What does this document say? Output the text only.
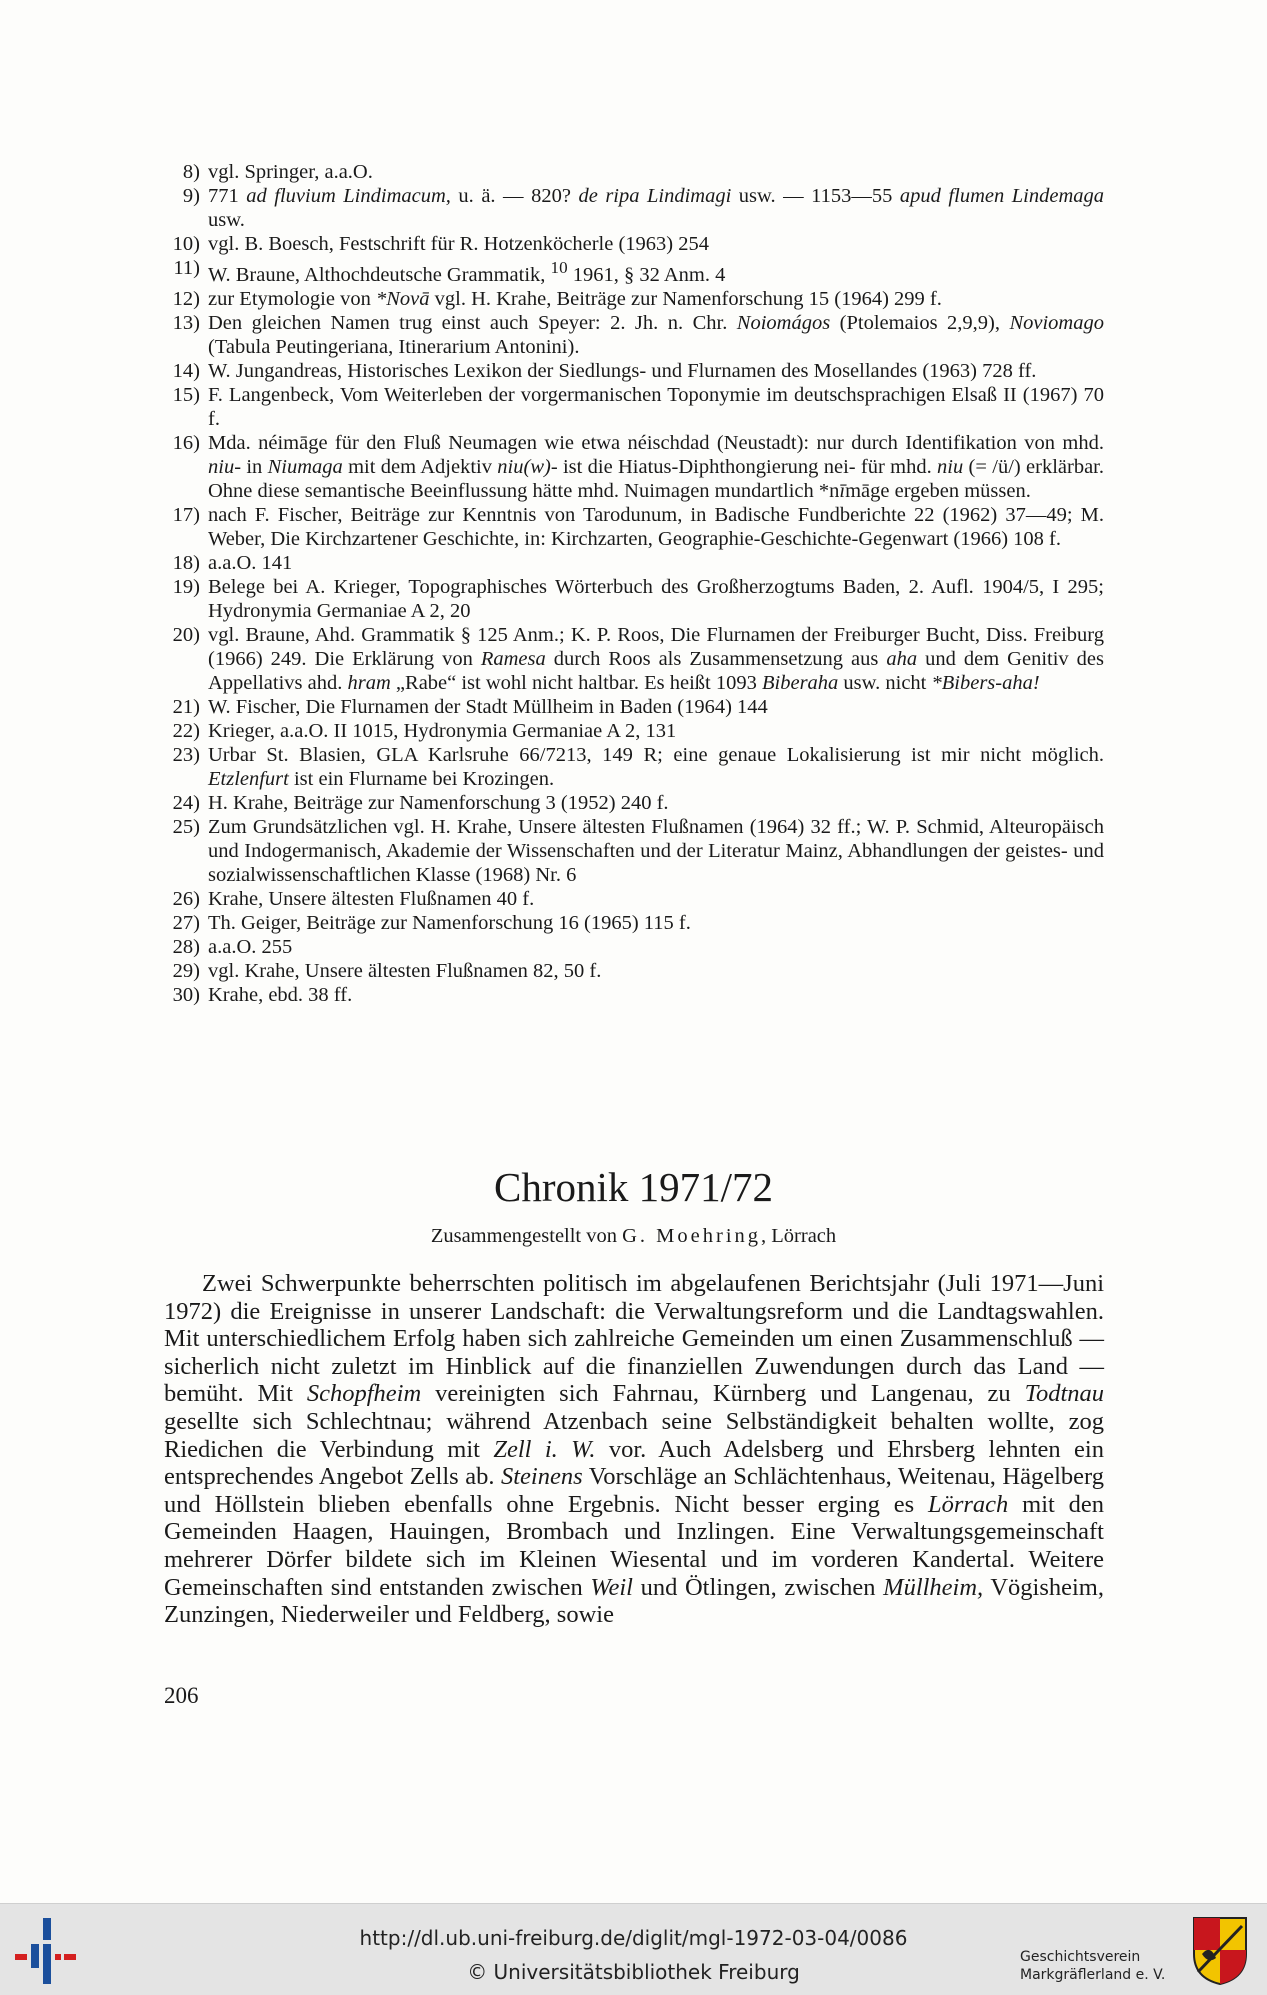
8) vgl. Springer, a.a.O.
9) 771 ad fluvium Lindimacum, u. ä. — 820? de ripa Lindimagi usw. — 1153—55 apud flumen Lindemaga usw.
10) vgl. B. Boesch, Festschrift für R. Hotzenköcherle (1963) 254
11) W. Braune, Althochdeutsche Grammatik, $^{10}$ 1961, § 32 Anm. 4
12) zur Etymologie von *Novā vgl. H. Krahe, Beiträge zur Namenforschung 15 (1964) 299 f.
13) Den gleichen Namen trug einst auch Speyer: 2. Jh. n. Chr. Noiomágos (Ptolemaios 2,9,9), Noviomago (Tabula Peutingeriana, Itinerarium Antonini).
14) W. Jungandreas, Historisches Lexikon der Siedlungs- und Flurnamen des Mosellandes (1963) 728 ff.
15) F. Langenbeck, Vom Weiterleben der vorgermanischen Toponymie im deutschsprachigen Elsaß II (1967) 70 f.
16) Mda. néimāge für den Fluß Neumagen wie etwa néischdad (Neustadt): nur durch Identifikation von mhd. niu- in Niumaga mit dem Adjektiv niu(w)- ist die Hiatus-Diphthongierung nei- für mhd. niu (= /ü/) erklärbar. Ohne diese semantische Beeinflussung hätte mhd. Nuimagen mundartlich *nīmāge ergeben müssen.
17) nach F. Fischer, Beiträge zur Kenntnis von Tarodunum, in Badische Fundberichte 22 (1962) 37—49; M. Weber, Die Kirchzartener Geschichte, in: Kirchzarten, Geographie-Geschichte-Gegenwart (1966) 108 f.
18) a.a.O. 141
19) Belege bei A. Krieger, Topographisches Wörterbuch des Großherzogtums Baden, 2. Aufl. 1904/5, I 295; Hydronymia Germaniae A 2, 20
20) vgl. Braune, Ahd. Grammatik § 125 Anm.; K. P. Roos, Die Flurnamen der Freiburger Bucht, Diss. Freiburg (1966) 249. Die Erklärung von Ramesa durch Roos als Zusammensetzung aus aha und dem Genitiv des Appellativs ahd. hram „Rabe“ ist wohl nicht haltbar. Es heißt 1093 Biberaha usw. nicht *Bibers-aha!
21) W. Fischer, Die Flurnamen der Stadt Müllheim in Baden (1964) 144
22) Krieger, a.a.O. II 1015, Hydronymia Germaniae A 2, 131
23) Urbar St. Blasien, GLA Karlsruhe 66/7213, 149 R; eine genaue Lokalisierung ist mir nicht möglich. Etzlenfurt ist ein Flurname bei Krozingen.
24) H. Krahe, Beiträge zur Namenforschung 3 (1952) 240 f.
25) Zum Grundsätzlichen vgl. H. Krahe, Unsere ältesten Flußnamen (1964) 32 ff.; W. P. Schmid, Alteuropäisch und Indogermanisch, Akademie der Wissenschaften und der Literatur Mainz, Abhandlungen der geistes- und sozialwissenschaftlichen Klasse (1968) Nr. 6
26) Krahe, Unsere ältesten Flußnamen 40 f.
27) Th. Geiger, Beiträge zur Namenforschung 16 (1965) 115 f.
28) a.a.O. 255
29) vgl. Krahe, Unsere ältesten Flußnamen 82, 50 f.
30) Krahe, ebd. 38 ff.
Chronik 1971/72
Zusammengestellt von G. Moehring, Lörrach

Zwei Schwerpunkte beherrschten politisch im abgelaufenen Berichtsjahr (Juli 1971—Juni 1972) die Ereignisse in unserer Landschaft: die Verwaltungsreform und die Landtagswahlen. Mit unterschiedlichem Erfolg haben sich zahlreiche Gemeinden um einen Zusammenschluß — sicherlich nicht zuletzt im Hinblick auf die finanziellen Zuwendungen durch das Land — bemüht. Mit Schopfheim vereinigten sich Fahrnau, Kürnberg und Langenau, zu Todtnau gesellte sich Schlechtnau; während Atzenbach seine Selbständigkeit behalten wollte, zog Riedichen die Verbindung mit Zell i. W. vor. Auch Adelsberg und Ehrsberg lehnten ein entsprechendes Angebot Zells ab. Steinens Vorschläge an Schlächtenhaus, Weitenau, Hägelberg und Höllstein blieben ebenfalls ohne Ergebnis. Nicht besser erging es Lörrach mit den Gemeinden Haagen, Hauingen, Brombach und Inzlingen. Eine Verwaltungsgemeinschaft mehrerer Dörfer bildete sich im Kleinen Wiesental und im vorderen Kandertal. Weitere Gemeinschaften sind entstanden zwischen Weil und Ötlingen, zwischen Müllheim, Vögisheim, Zunzingen, Niederweiler und Feldberg, sowie

206
http://dl.ub.uni-freiburg.de/diglit/mgl-1972-03-04/0086
© Universitätsbibliothek Freiburg
Geschichtsverein
Markgräflerland e. V.
